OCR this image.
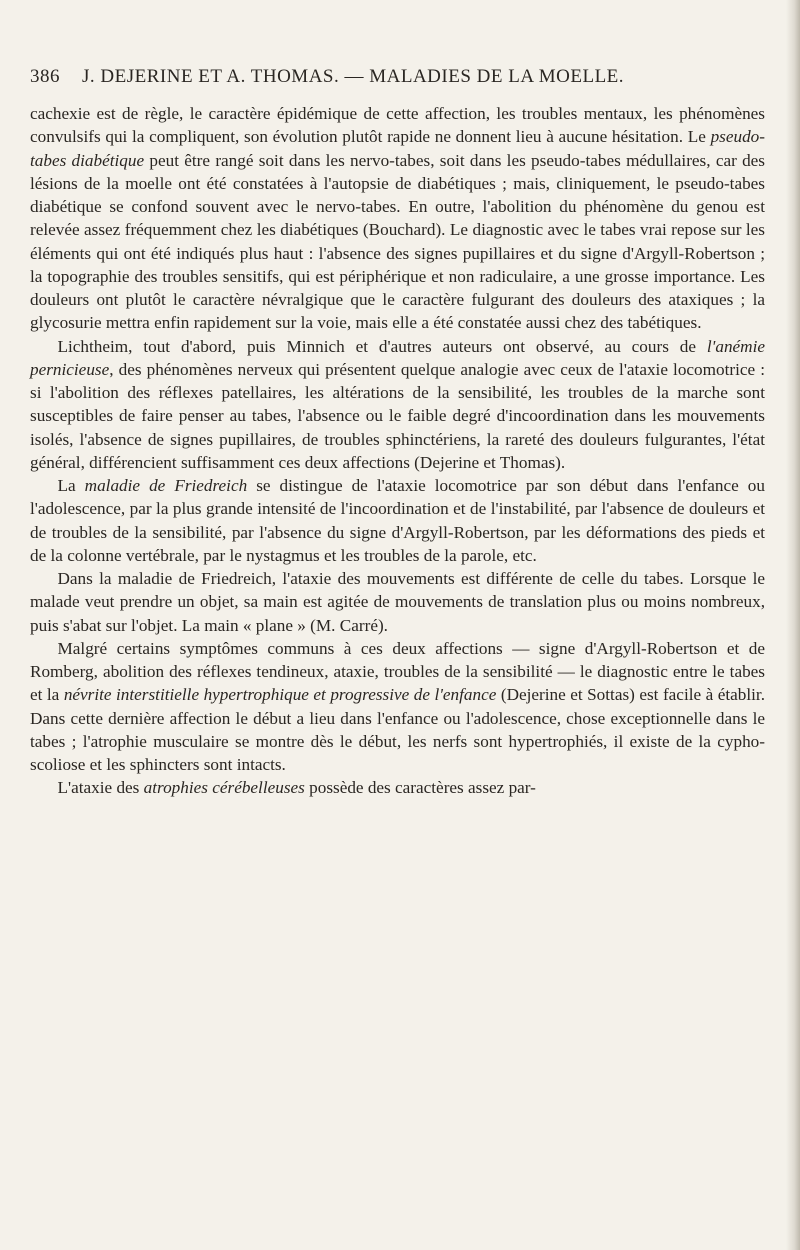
386 J. DEJERINE ET A. THOMAS. — MALADIES DE LA MOELLE.

cachexie est de règle, le caractère épidémique de cette affection, les troubles mentaux, les phénomènes convulsifs qui la compliquent, son évolution plutôt rapide ne donnent lieu à aucune hésitation. Le pseudo-tabes diabétique peut être rangé soit dans les nervo-tabes, soit dans les pseudo-tabes médullaires, car des lésions de la moelle ont été constatées à l'autopsie de diabétiques ; mais, cliniquement, le pseudo-tabes diabétique se confond souvent avec le nervo-tabes. En outre, l'abolition du phénomène du genou est relevée assez fréquemment chez les diabétiques (Bouchard). Le diagnostic avec le tabes vrai repose sur les éléments qui ont été indiqués plus haut : l'absence des signes pupillaires et du signe d'Argyll-Robertson ; la topographie des troubles sensitifs, qui est périphérique et non radiculaire, a une grosse importance. Les douleurs ont plutôt le caractère névralgique que le caractère fulgurant des douleurs des ataxiques ; la glycosurie mettra enfin rapidement sur la voie, mais elle a été constatée aussi chez des tabétiques.

Lichtheim, tout d'abord, puis Minnich et d'autres auteurs ont observé, au cours de l'anémie pernicieuse, des phénomènes nerveux qui présentent quelque analogie avec ceux de l'ataxie locomotrice : si l'abolition des réflexes patellaires, les altérations de la sensibilité, les troubles de la marche sont susceptibles de faire penser au tabes, l'absence ou le faible degré d'incoordination dans les mouvements isolés, l'absence de signes pupillaires, de troubles sphinctériens, la rareté des douleurs fulgurantes, l'état général, différencient suffisamment ces deux affections (Dejerine et Thomas).

La maladie de Friedreich se distingue de l'ataxie locomotrice par son début dans l'enfance ou l'adolescence, par la plus grande intensité de l'incoordination et de l'instabilité, par l'absence de douleurs et de troubles de la sensibilité, par l'absence du signe d'Argyll-Robertson, par les déformations des pieds et de la colonne vertébrale, par le nystagmus et les troubles de la parole, etc.

Dans la maladie de Friedreich, l'ataxie des mouvements est différente de celle du tabes. Lorsque le malade veut prendre un objet, sa main est agitée de mouvements de translation plus ou moins nombreux, puis s'abat sur l'objet. La main « plane » (M. Carré).

Malgré certains symptômes communs à ces deux affections — signe d'Argyll-Robertson et de Romberg, abolition des réflexes tendineux, ataxie, troubles de la sensibilité — le diagnostic entre le tabes et la névrite interstitielle hypertrophique et progressive de l'enfance (Dejerine et Sottas) est facile à établir. Dans cette dernière affection le début a lieu dans l'enfance ou l'adolescence, chose exceptionnelle dans le tabes ; l'atrophie musculaire se montre dès le début, les nerfs sont hypertrophiés, il existe de la cypho-scoliose et les sphincters sont intacts.

L'ataxie des atrophies cérébelleuses possède des caractères assez par-
